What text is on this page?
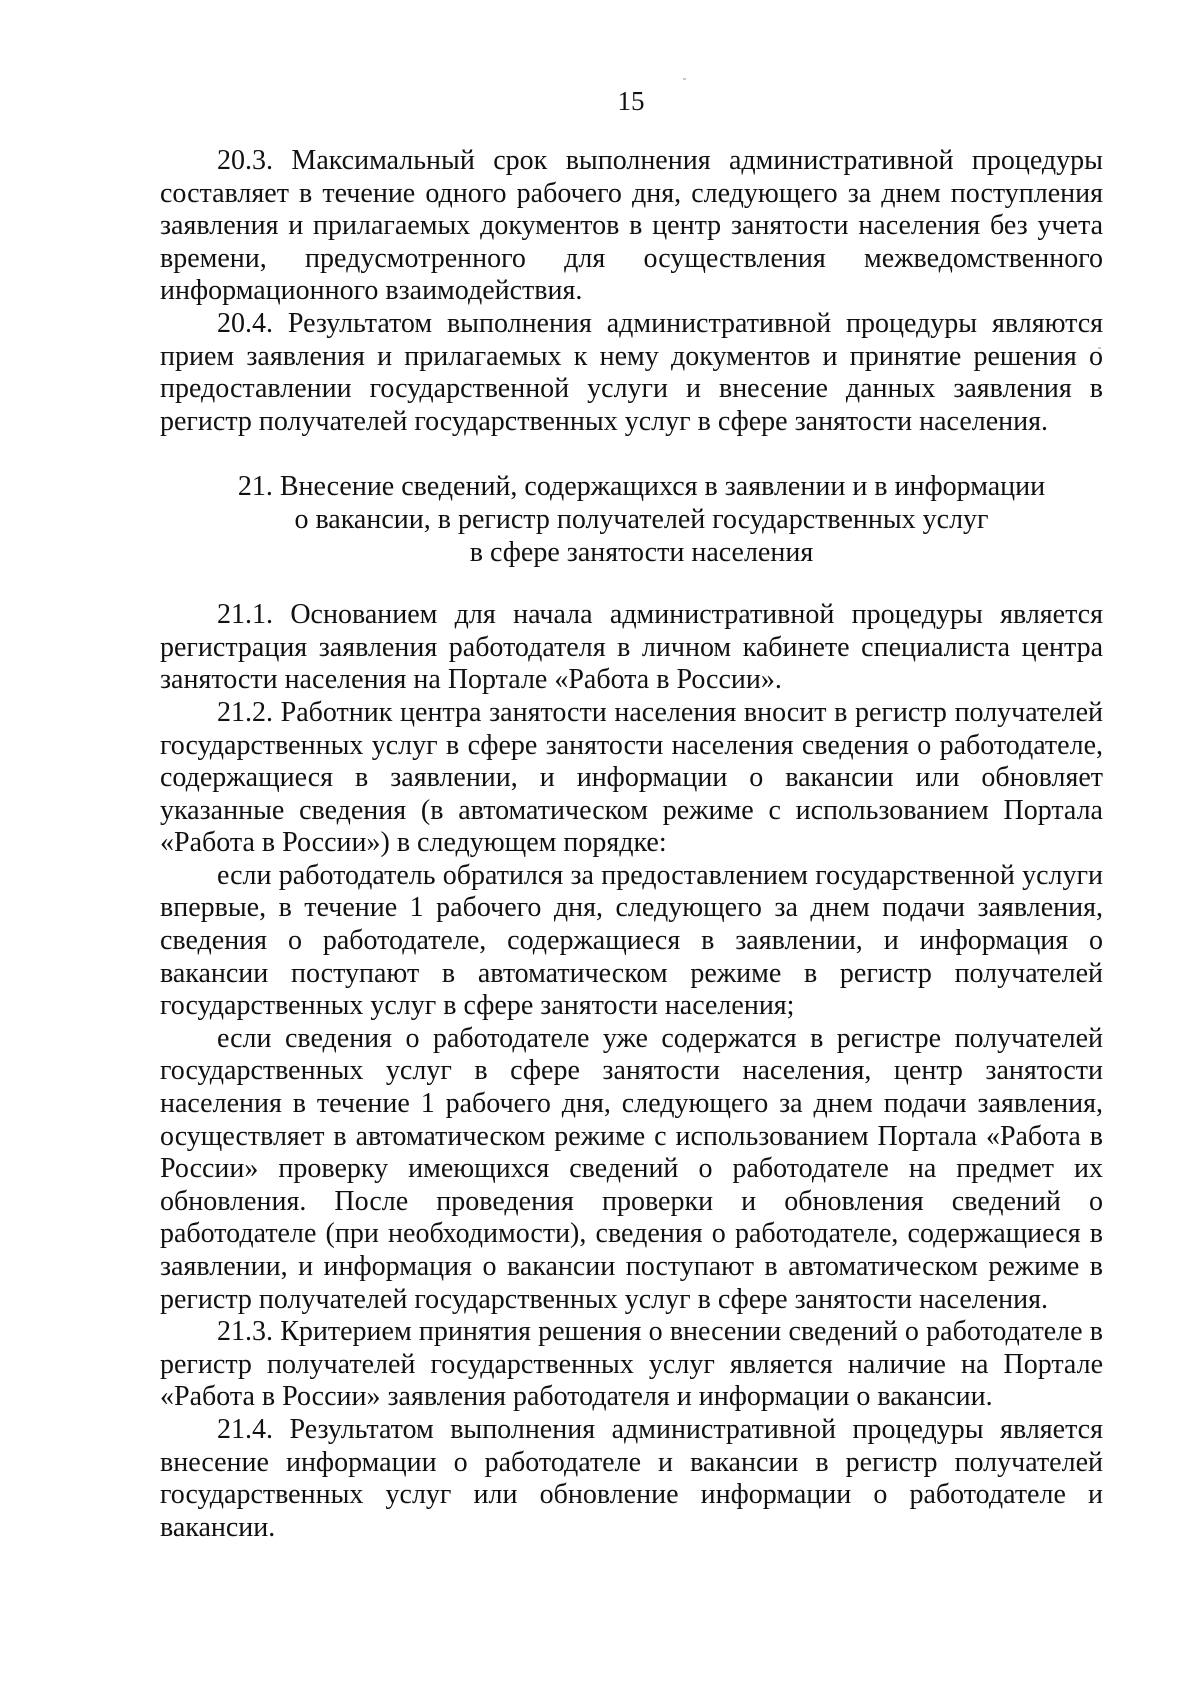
15

20.3. Максимальный срок выполнения административной процедуры составляет в течение одного рабочего дня, следующего за днем поступления заявления и прилагаемых документов в центр занятости населения без учета времени, предусмотренного для осуществления межведомственного информационного взаимодействия.

20.4. Результатом выполнения административной процедуры являются прием заявления и прилагаемых к нему документов и принятие решения о предоставлении государственной услуги и внесение данных заявления в регистр получателей государственных услуг в сфере занятости населения.

21. Внесение сведений, содержащихся в заявлении и в информации
о вакансии, в регистр получателей государственных услуг
в сфере занятости населения

21.1. Основанием для начала административной процедуры является регистрация заявления работодателя в личном кабинете специалиста центра занятости населения на Портале «Работа в России».

21.2. Работник центра занятости населения вносит в регистр получателей государственных услуг в сфере занятости населения сведения о работодателе, содержащиеся в заявлении, и информации о вакансии или обновляет указанные сведения (в автоматическом режиме с использованием Портала «Работа в России») в следующем порядке:

если работодатель обратился за предоставлением государственной услуги впервые, в течение 1 рабочего дня, следующего за днем подачи заявления, сведения о работодателе, содержащиеся в заявлении, и информация о вакансии поступают в автоматическом режиме в регистр получателей государственных услуг в сфере занятости населения;

если сведения о работодателе уже содержатся в регистре получателей государственных услуг в сфере занятости населения, центр занятости населения в течение 1 рабочего дня, следующего за днем подачи заявления, осуществляет в автоматическом режиме с использованием Портала «Работа в России» проверку имеющихся сведений о работодателе на предмет их обновления. После проведения проверки и обновления сведений о работодателе (при необходимости), сведения о работодателе, содержащиеся в заявлении, и информация о вакансии поступают в автоматическом режиме в регистр получателей государственных услуг в сфере занятости населения.

21.3. Критерием принятия решения о внесении сведений о работодателе в регистр получателей государственных услуг является наличие на Портале «Работа в России» заявления работодателя и информации о вакансии.

21.4. Результатом выполнения административной процедуры является внесение информации о работодателе и вакансии в регистр получателей государственных услуг или обновление информации о работодателе и вакансии.
